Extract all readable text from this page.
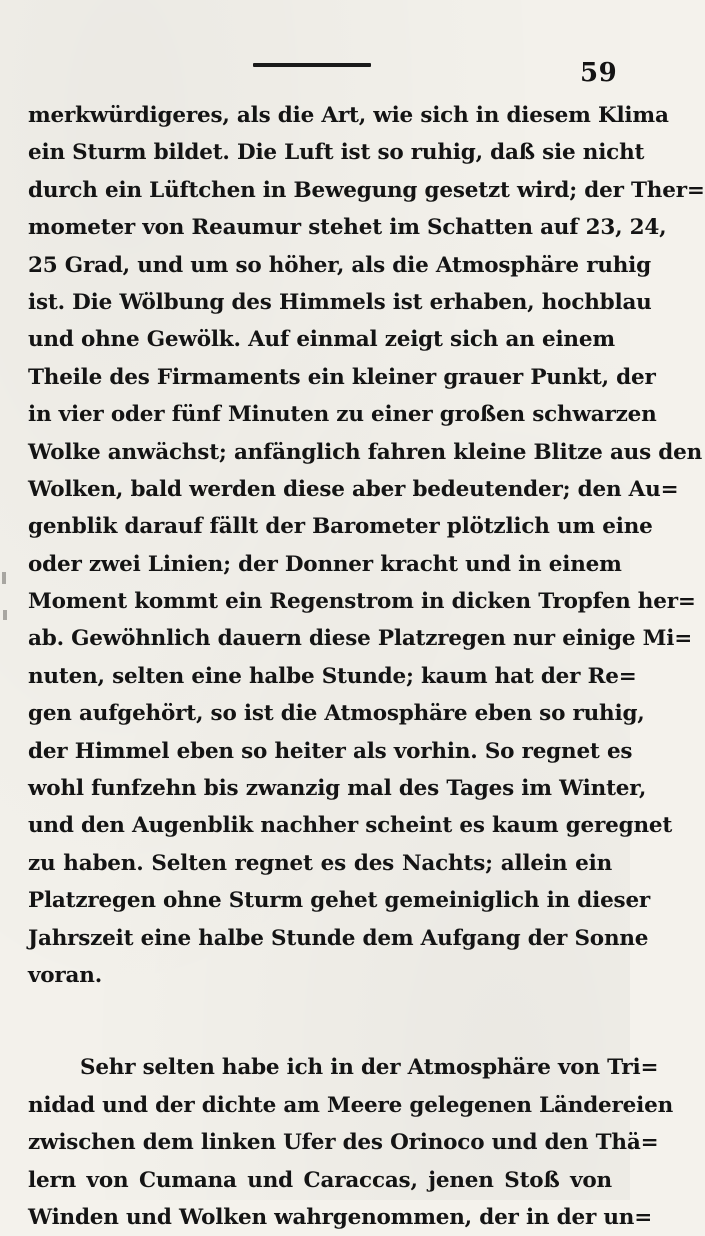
59
merkwürdigeres, als die Art, wie sich in diesem Klima
ein Sturm bildet. Die Luft ist so ruhig, daß sie nicht
durch ein Lüftchen in Bewegung gesetzt wird; der Ther=
mometer von Reaumur stehet im Schatten auf 23, 24,
25 Grad, und um so höher, als die Atmosphäre ruhig
ist. Die Wölbung des Himmels ist erhaben, hochblau
und ohne Gewölk. Auf einmal zeigt sich an einem
Theile des Firmaments ein kleiner grauer Punkt, der
in vier oder fünf Minuten zu einer großen schwarzen
Wolke anwächst; anfänglich fahren kleine Blitze aus den
Wolken, bald werden diese aber bedeutender; den Au=
genblik darauf fällt der Barometer plötzlich um eine
oder zwei Linien; der Donner kracht und in einem
Moment kommt ein Regenstrom in dicken Tropfen her=
ab. Gewöhnlich dauern diese Platzregen nur einige Mi=
nuten, selten eine halbe Stunde; kaum hat der Re=
gen aufgehört, so ist die Atmosphäre eben so ruhig,
der Himmel eben so heiter als vorhin. So regnet es
wohl funfzehn bis zwanzig mal des Tages im Winter,
und den Augenblik nachher scheint es kaum geregnet
zu haben. Selten regnet es des Nachts; allein ein
Platzregen ohne Sturm gehet gemeiniglich in dieser
Jahrszeit eine halbe Stunde dem Aufgang der Sonne
voran.
Sehr selten habe ich in der Atmosphäre von Tri=
nidad und der dichte am Meere gelegenen Ländereien
zwischen dem linken Ufer des Orinoco und den Thä=
lern von Cumana und Caraccas, jenen Stoß von
Winden und Wolken wahrgenommen, der in der un=
